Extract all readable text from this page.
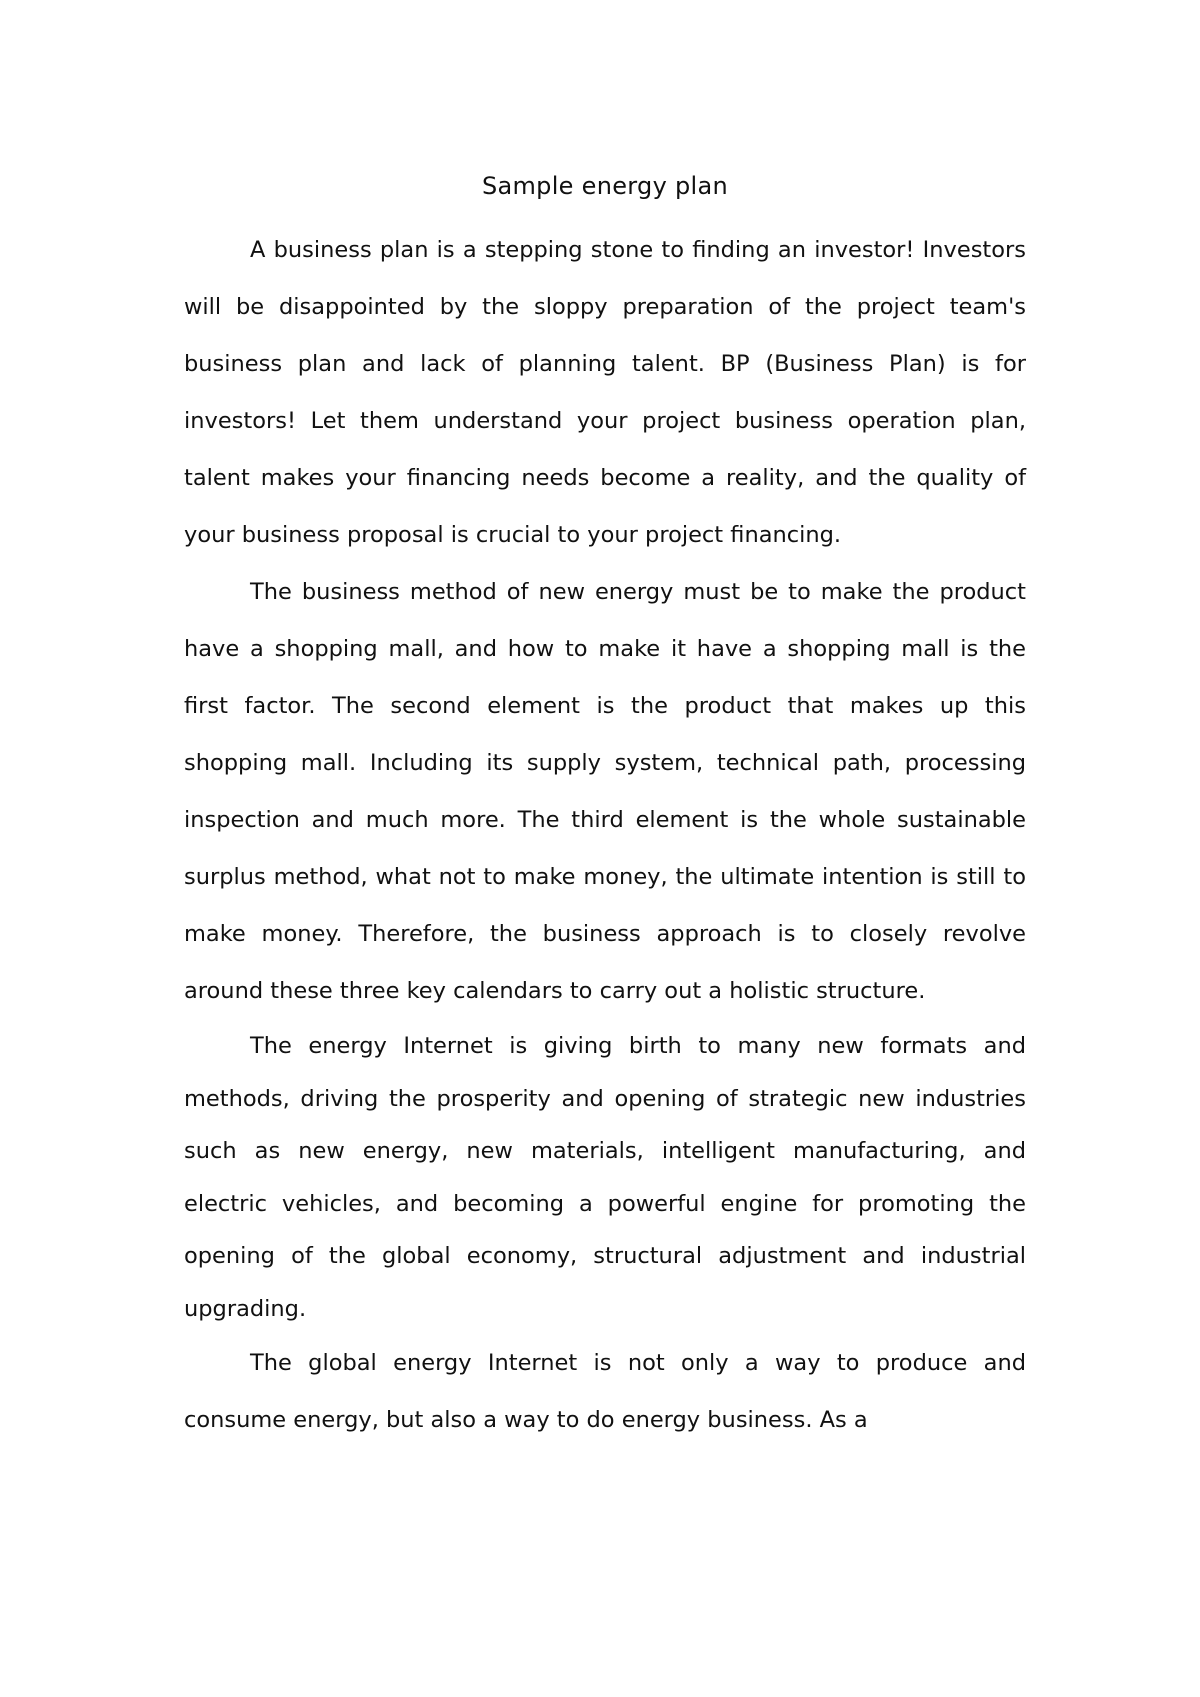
Sample energy plan

A business plan is a stepping stone to finding an investor! Investors will be disappointed by the sloppy preparation of the project team's business plan and lack of planning talent. BP (Business Plan) is for investors! Let them understand your project business operation plan, talent makes your financing needs become a reality, and the quality of your business proposal is crucial to your project financing.

The business method of new energy must be to make the product have a shopping mall, and how to make it have a shopping mall is the first factor. The second element is the product that makes up this shopping mall. Including its supply system, technical path, processing inspection and much more. The third element is the whole sustainable surplus method, what not to make money, the ultimate intention is still to make money. Therefore, the business approach is to closely revolve around these three key calendars to carry out a holistic structure.

The energy Internet is giving birth to many new formats and methods, driving the prosperity and opening of strategic new industries such as new energy, new materials, intelligent manufacturing, and electric vehicles, and becoming a powerful engine for promoting the opening of the global economy, structural adjustment and industrial upgrading.

The global energy Internet is not only a way to produce and consume energy, but also a way to do energy business. As a
